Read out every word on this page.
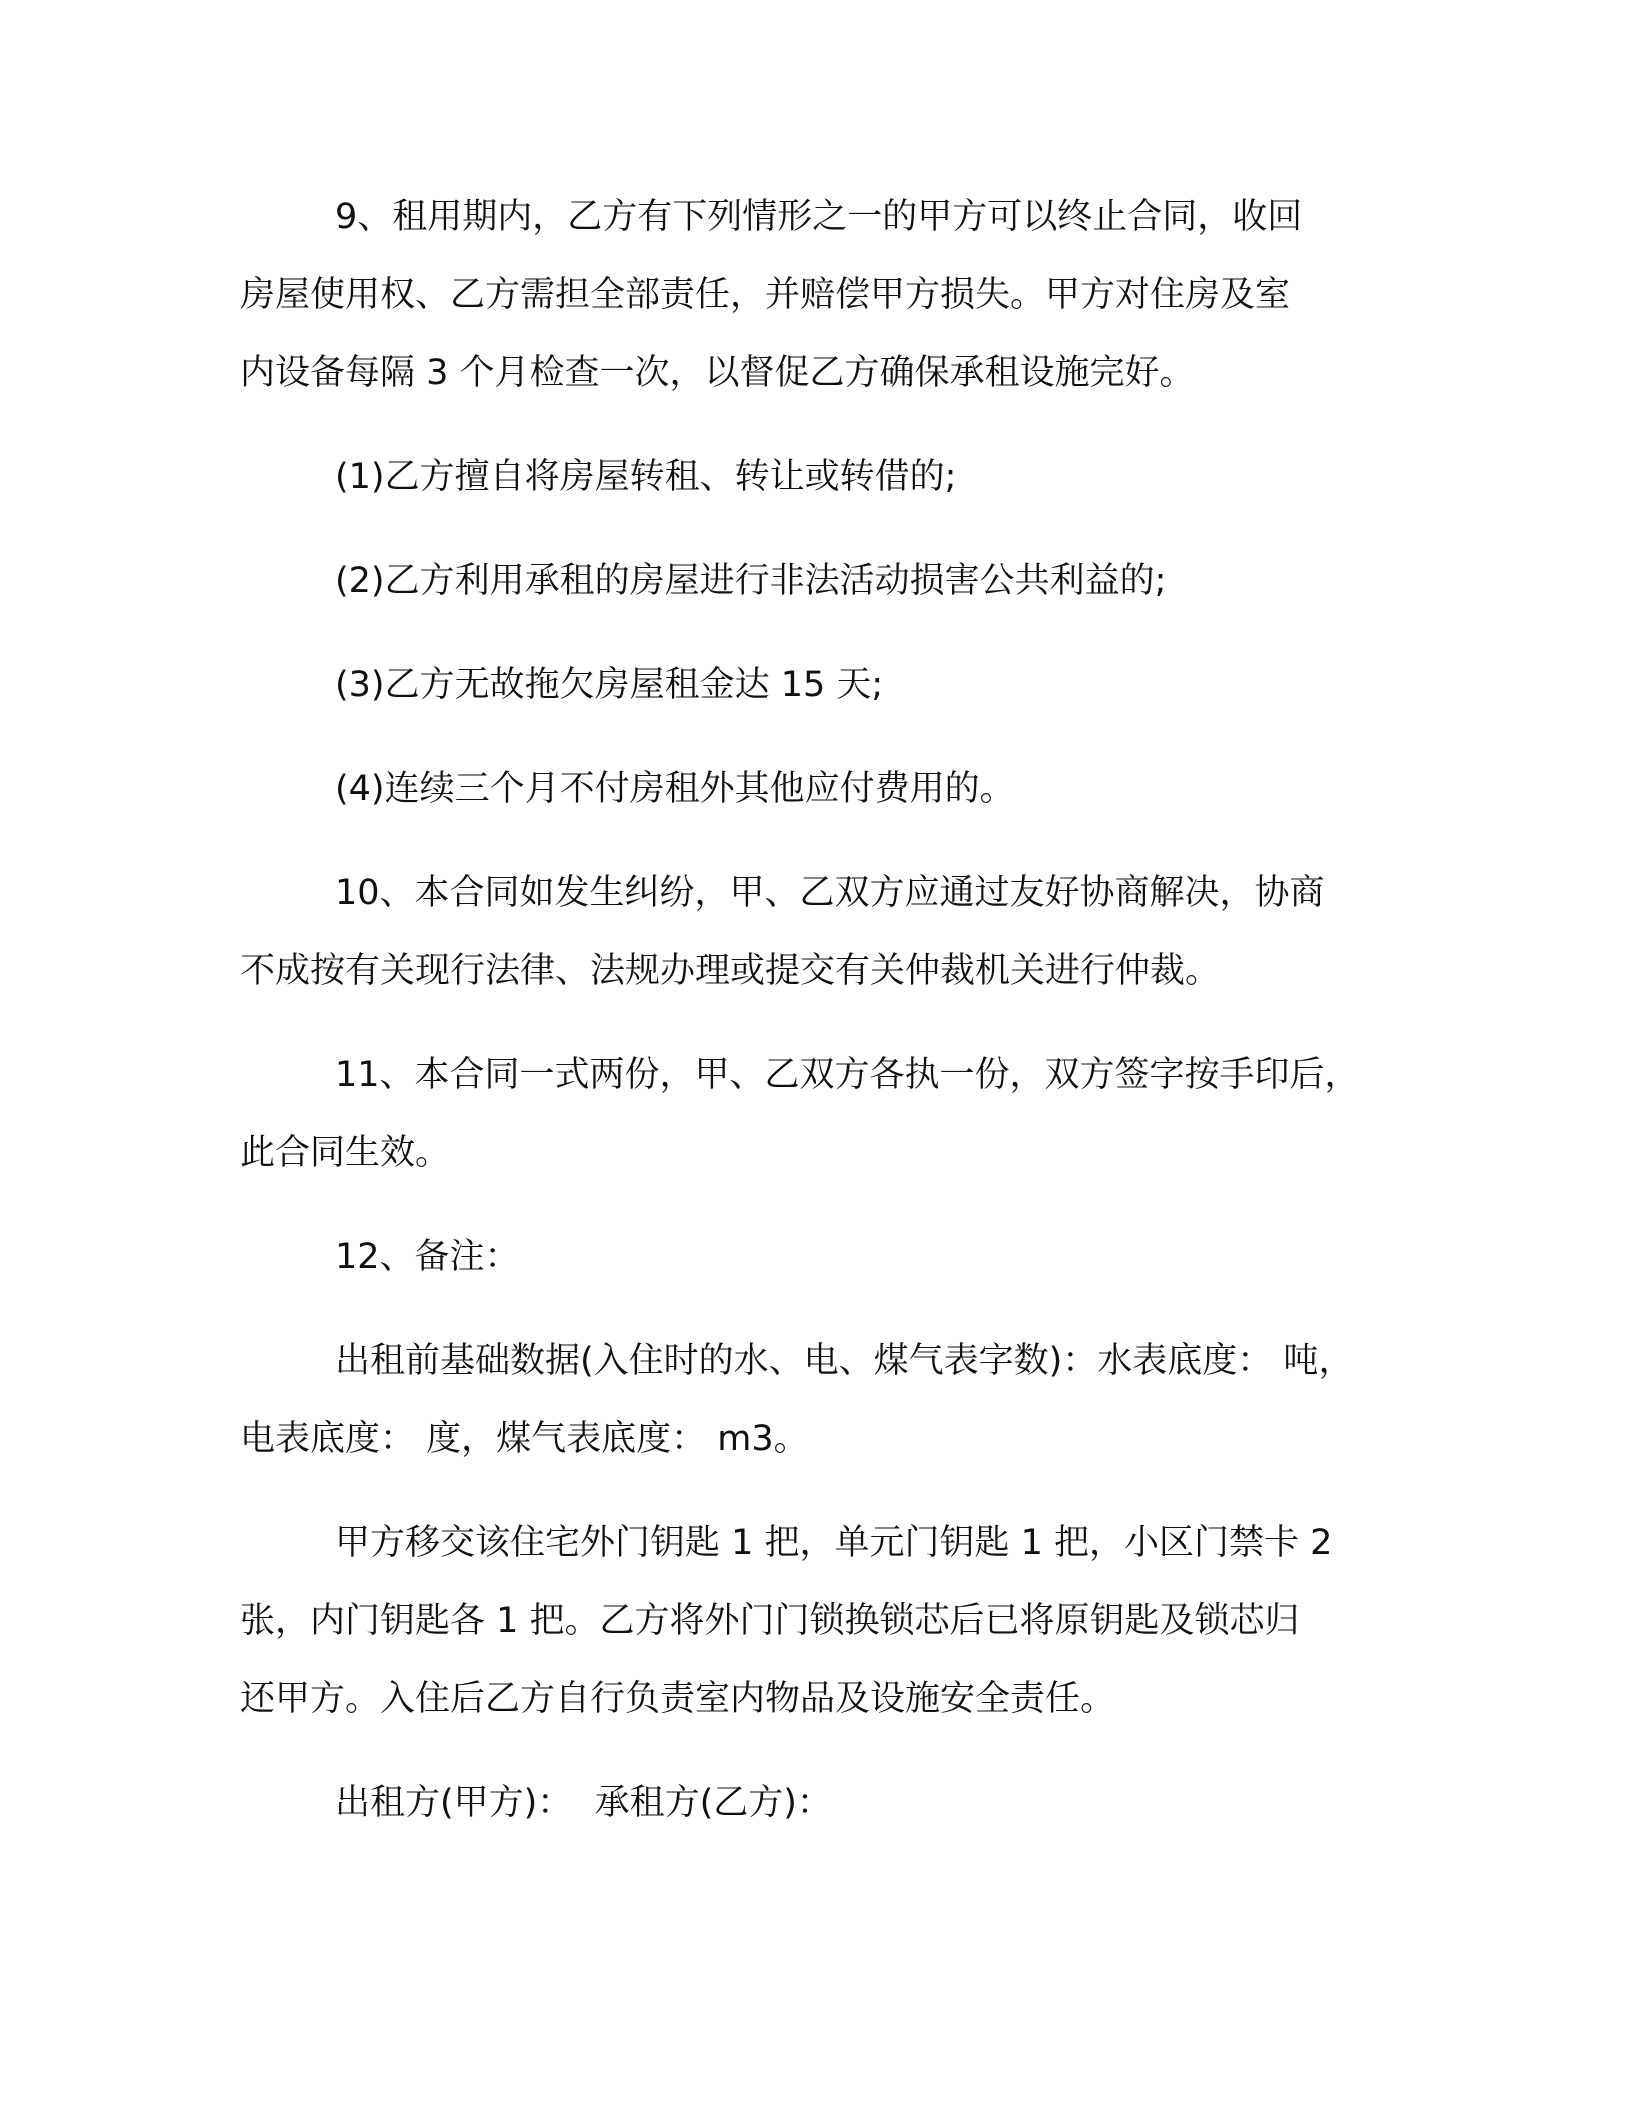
9、租用期内，乙方有下列情形之一的甲方可以终止合同，收回
房屋使用权、乙方需担全部责任，并赔偿甲方损失。甲方对住房及室
内设备每隔 3 个月检查一次，以督促乙方确保承租设施完好。
(1)乙方擅自将房屋转租、转让或转借的;
(2)乙方利用承租的房屋进行非法活动损害公共利益的;
(3)乙方无故拖欠房屋租金达 15 天;
(4)连续三个月不付房租外其他应付费用的。
10、本合同如发生纠纷，甲、乙双方应通过友好协商解决，协商
不成按有关现行法律、法规办理或提交有关仲裁机关进行仲裁。
11、本合同一式两份，甲、乙双方各执一份，双方签字按手印后，
此合同生效。
12、备注：
出租前基础数据(入住时的水、电、煤气表字数)：水表底度： 吨，
电表底度： 度，煤气表底度： m3。
甲方移交该住宅外门钥匙 1 把，单元门钥匙 1 把，小区门禁卡 2
张，内门钥匙各 1 把。乙方将外门门锁换锁芯后已将原钥匙及锁芯归
还甲方。入住后乙方自行负责室内物品及设施安全责任。
出租方(甲方)： 承租方(乙方)：
